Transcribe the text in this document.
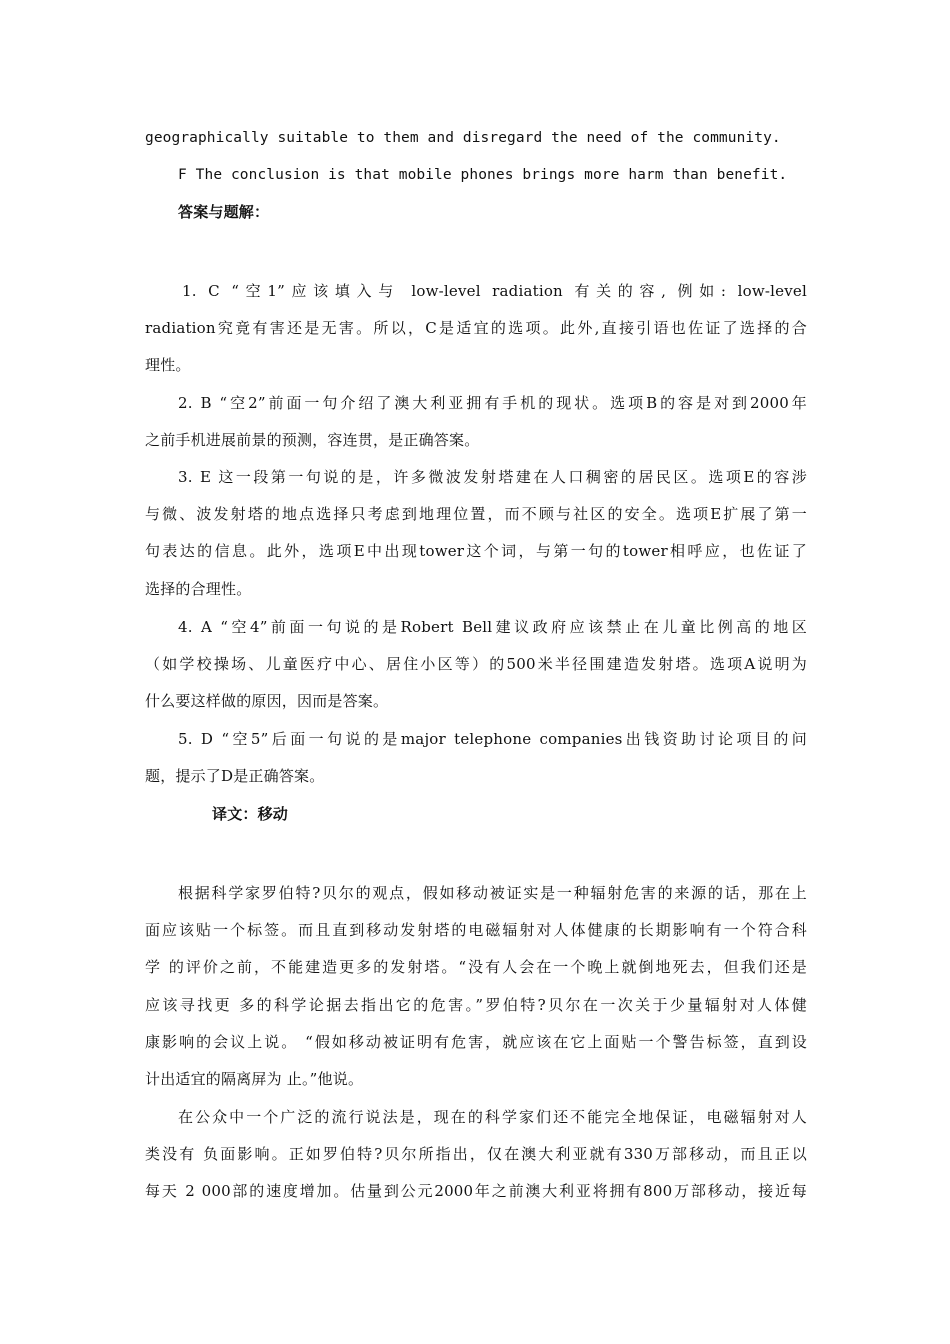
geographically suitable to them and disregard the need of the community.
F The conclusion is that mobile phones brings more harm than benefit.
答案与题解：
1. C “空1”应该填入与 low-level radiation 有关的容, 例如: low-level
radiation究竟有害还是无害。所以，C是适宜的选项。此外,直接引语也佐证了选择的合
理性。
2. B “空2”前面一句介绍了澳大利亚拥有手机的现状。选项B的容是对到2000年
之前手机进展前景的预测，容连贯，是正确答案。
3. E 这一段第一句说的是，许多微波发射塔建在人口稠密的居民区。选项E的容涉
与微、波发射塔的地点选择只考虑到地理位置，而不顾与社区的安全。选项E扩展了第一
句表达的信息。此外，选项E中出现tower这个词，与第一句的tower相呼应，也佐证了
选择的合理性。
4. A “空4”前面一句说的是Robert Bell建议政府应该禁止在儿童比例高的地区
（如学校操场、儿童医疗中心、居住小区等）的500米半径围建造发射塔。选项A说明为
什么要这样做的原因，因而是答案。
5. D “空5”后面一句说的是major telephone companies出钱资助讨论项目的问
题，提示了D是正确答案。
译文：移动
根据科学家罗伯特?贝尔的观点，假如移动被证实是一种辐射危害的来源的话，那在上
面应该贴一个标签。而且直到移动发射塔的电磁辐射对人体健康的长期影响有一个符合科
学 的评价之前，不能建造更多的发射塔。“没有人会在一个晚上就倒地死去，但我们还是
应该寻找更 多的科学论据去指出它的危害。”罗伯特?贝尔在一次关于少量辐射对人体健
康影响的会议上说。 “假如移动被证明有危害，就应该在它上面贴一个警告标签，直到设
计出适宜的隔离屏为 止。”他说。
在公众中一个广泛的流行说法是，现在的科学家们还不能完全地保证，电磁辐射对人
类没有 负面影响。正如罗伯特?贝尔所指出，仅在澳大利亚就有330万部移动，而且正以
每天 2 000部的速度增加。估量到公元2000年之前澳大利亚将拥有800万部移动，接近每
